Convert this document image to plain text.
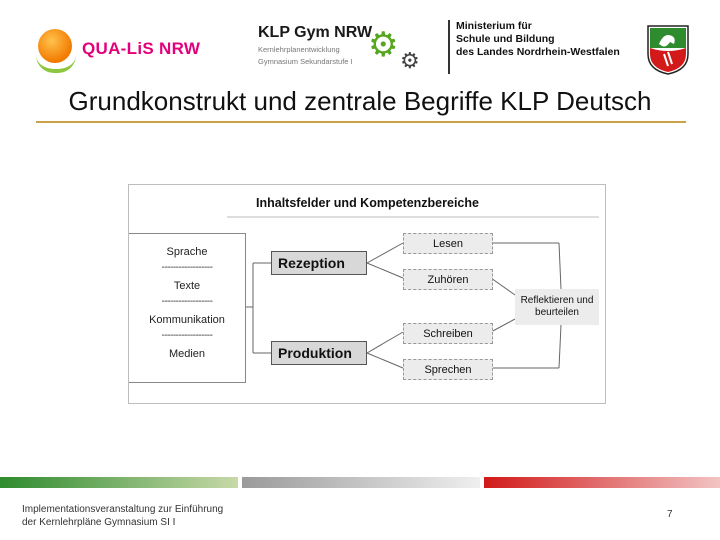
QUA-LiS NRW
KLP Gym NRW
Kernlehrplanentwicklung
Gymnasium Sekundarstufe I ⚙ ⚙
Ministerium für
Schule und Bildung
des Landes Nordrhein-Westfalen
Grundkonstrukt und zentrale Begriffe KLP Deutsch
Inhaltsfelder und Kompetenzbereiche
Sprache
------------------
Texte
------------------
Kommunikation
------------------
Medien
Rezeption
Produktion
Lesen
Zuhören
Schreiben
Sprechen
Reflektieren und beurteilen
Implementationsveranstaltung zur Einführung
der Kernlehrpläne Gymnasium SI I
7
